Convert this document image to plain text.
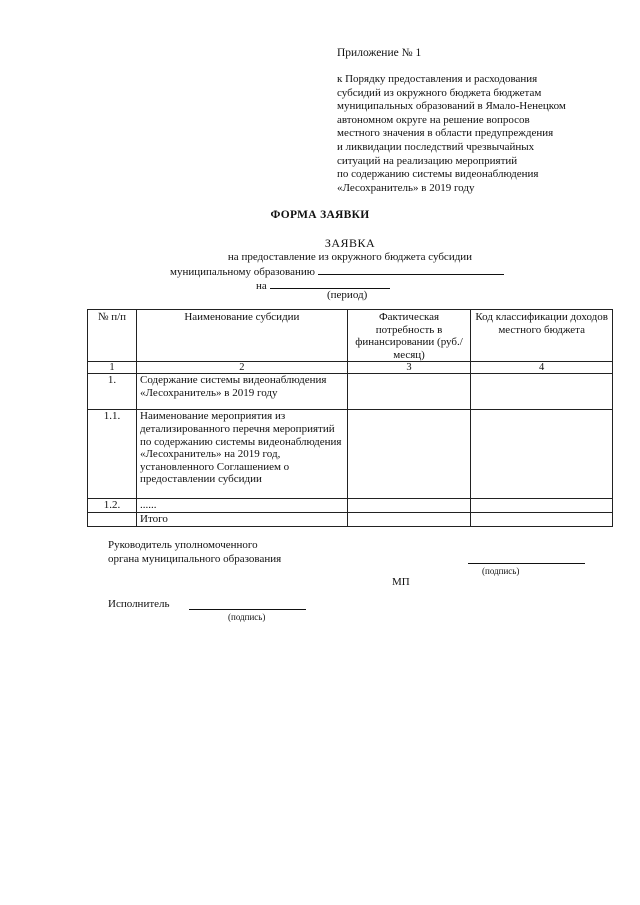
Приложение № 1
к Порядку предоставления и расходования
субсидий из окружного бюджета бюджетам
муниципальных образований в Ямало-Ненецком
автономном округе на решение вопросов
местного значения в области предупреждения
и ликвидации последствий чрезвычайных
ситуаций на реализацию мероприятий
по содержанию системы видеонаблюдения
«Лесохранитель» в 2019 году
ФОРМА ЗАЯВКИ
ЗАЯВКА
на предоставление из окружного бюджета субсидии
муниципальному образованию
на
(период)
№ п/п	Наименование субсидии	Фактическая потребность в финансировании (руб./месяц)	Код классификации доходов местного бюджета
1	2	3	4
1.	Содержание системы видеонаблюдения «Лесохранитель» в 2019 году		
1.1.	Наименование мероприятия из детализированного перечня мероприятий по содержанию системы видеонаблюдения «Лесохранитель» на 2019 год, установленного Соглашением о предоставлении субсидии		
1.2.	......		
	Итого		
Руководитель уполномоченного
органа муниципального образования
(подпись)
МП
Исполнитель
(подпись)
